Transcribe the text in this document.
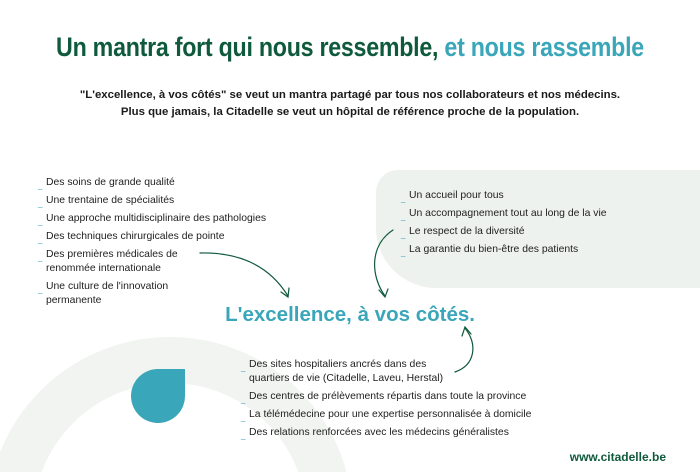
Un mantra fort qui nous ressemble, et nous rassemble
"L'excellence, à vos côtés" se veut un mantra partagé par tous nos collaborateurs et nos médecins.
Plus que jamais, la Citadelle se veut un hôpital de référence proche de la population.
_ Des soins de grande qualité
_ Une trentaine de spécialités
_ Une approche multidisciplinaire des pathologies
_ Des techniques chirurgicales de pointe
_ Des premières médicales de
renommée internationale
_ Une culture de l'innovation
permanente
_ Un accueil pour tous
_ Un accompagnement tout au long de la vie
_ Le respect de la diversité
_ La garantie du bien-être des patients
L'excellence, à vos côtés.
_ Des sites hospitaliers ancrés dans des
quartiers de vie (Citadelle, Laveu, Herstal)
_ Des centres de prélèvements répartis dans toute la province
_ La télémédecine pour une expertise personnalisée à domicile
_ Des relations renforcées avec les médecins généralistes
www.citadelle.be
